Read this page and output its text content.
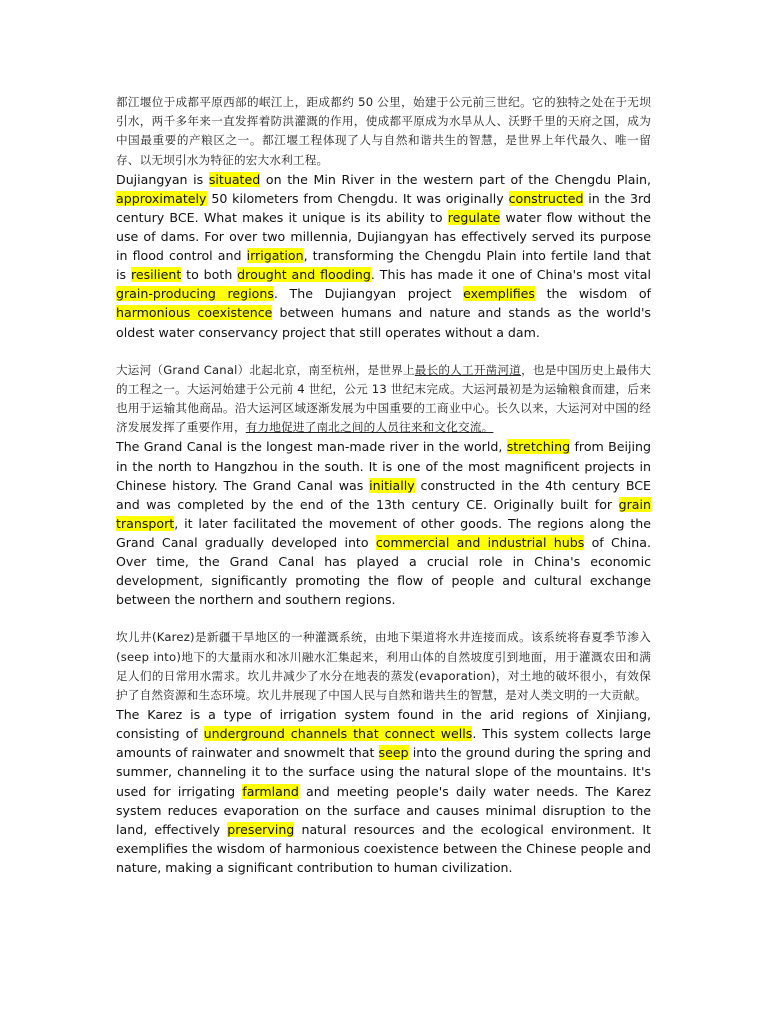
都江堰位于成都平原西部的岷江上，距成都约 50 公里，始建于公元前三世纪。它的独特之处在于无坝引水，两千多年来一直发挥着防洪灌溉的作用，使成都平原成为水旱从人、沃野千里的天府之国，成为中国最重要的产粮区之一。都江堰工程体现了人与自然和谐共生的智慧，是世界上年代最久、唯一留存、以无坝引水为特征的宏大水利工程。

Dujiangyan is situated on the Min River in the western part of the Chengdu Plain, approximately 50 kilometers from Chengdu. It was originally constructed in the 3rd century BCE. What makes it unique is its ability to regulate water flow without the use of dams. For over two millennia, Dujiangyan has effectively served its purpose in flood control and irrigation, transforming the Chengdu Plain into fertile land that is resilient to both drought and flooding. This has made it one of China's most vital grain-producing regions. The Dujiangyan project exemplifies the wisdom of harmonious coexistence between humans and nature and stands as the world's oldest water conservancy project that still operates without a dam.

大运河（Grand Canal）北起北京，南至杭州，是世界上最长的人工开凿河道，也是中国历史上最伟大的工程之一。大运河始建于公元前 4 世纪，公元 13 世纪末完成。大运河最初是为运输粮食而建，后来也用于运输其他商品。沿大运河区域逐渐发展为中国重要的工商业中心。长久以来，大运河对中国的经济发展发挥了重要作用，有力地促进了南北之间的人员往来和文化交流。

The Grand Canal is the longest man-made river in the world, stretching from Beijing in the north to Hangzhou in the south. It is one of the most magnificent projects in Chinese history. The Grand Canal was initially constructed in the 4th century BCE and was completed by the end of the 13th century CE. Originally built for grain transport, it later facilitated the movement of other goods. The regions along the Grand Canal gradually developed into commercial and industrial hubs of China. Over time, the Grand Canal has played a crucial role in China's economic development, significantly promoting the flow of people and cultural exchange between the northern and southern regions.

坎儿井(Karez)是新疆干旱地区的一种灌溉系统，由地下渠道将水井连接而成。该系统将春夏季节渗入(seep into)地下的大量雨水和冰川融水汇集起来，利用山体的自然坡度引到地面，用于灌溉农田和满足人们的日常用水需求。坎儿井减少了水分在地表的蒸发(evaporation)，对土地的破坏很小，有效保护了自然资源和生态环境。坎儿井展现了中国人民与自然和谐共生的智慧，是对人类文明的一大贡献。

The Karez is a type of irrigation system found in the arid regions of Xinjiang, consisting of underground channels that connect wells. This system collects large amounts of rainwater and snowmelt that seep into the ground during the spring and summer, channeling it to the surface using the natural slope of the mountains. It's used for irrigating farmland and meeting people's daily water needs. The Karez system reduces evaporation on the surface and causes minimal disruption to the land, effectively preserving natural resources and the ecological environment. It exemplifies the wisdom of harmonious coexistence between the Chinese people and nature, making a significant contribution to human civilization.
